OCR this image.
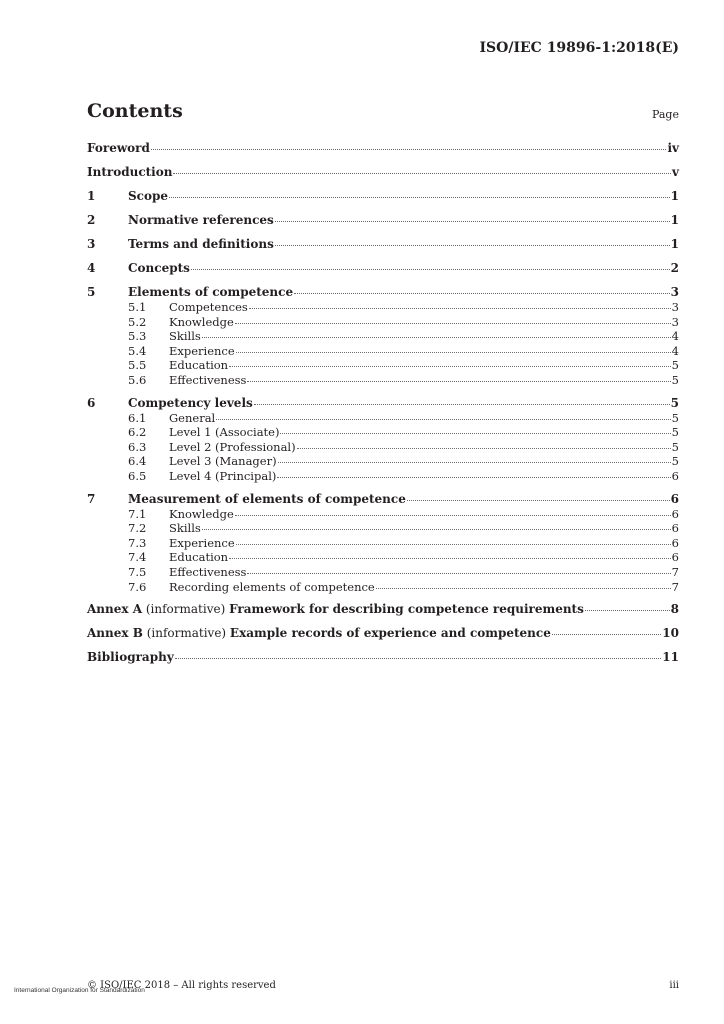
ISO/IEC 19896-1:2018(E)
Contents	Page
Foreword	iv
Introduction	v
1	Scope	1
2	Normative references	1
3	Terms and definitions	1
4	Concepts	2
5	Elements of competence	3
5.1	Competences	3
5.2	Knowledge	3
5.3	Skills	4
5.4	Experience	4
5.5	Education	5
5.6	Effectiveness	5
6	Competency levels	5
6.1	General	5
6.2	Level 1 (Associate)	5
6.3	Level 2 (Professional)	5
6.4	Level 3 (Manager)	5
6.5	Level 4 (Principal)	6
7	Measurement of elements of competence	6
7.1	Knowledge	6
7.2	Skills	6
7.3	Experience	6
7.4	Education	6
7.5	Effectiveness	7
7.6	Recording elements of competence	7
Annex A (informative) Framework for describing competence requirements	8
Annex B (informative) Example records of experience and competence	10
Bibliography	11
International Organization for Standardization
© ISO/IEC 2018 – All rights reserved	iii
